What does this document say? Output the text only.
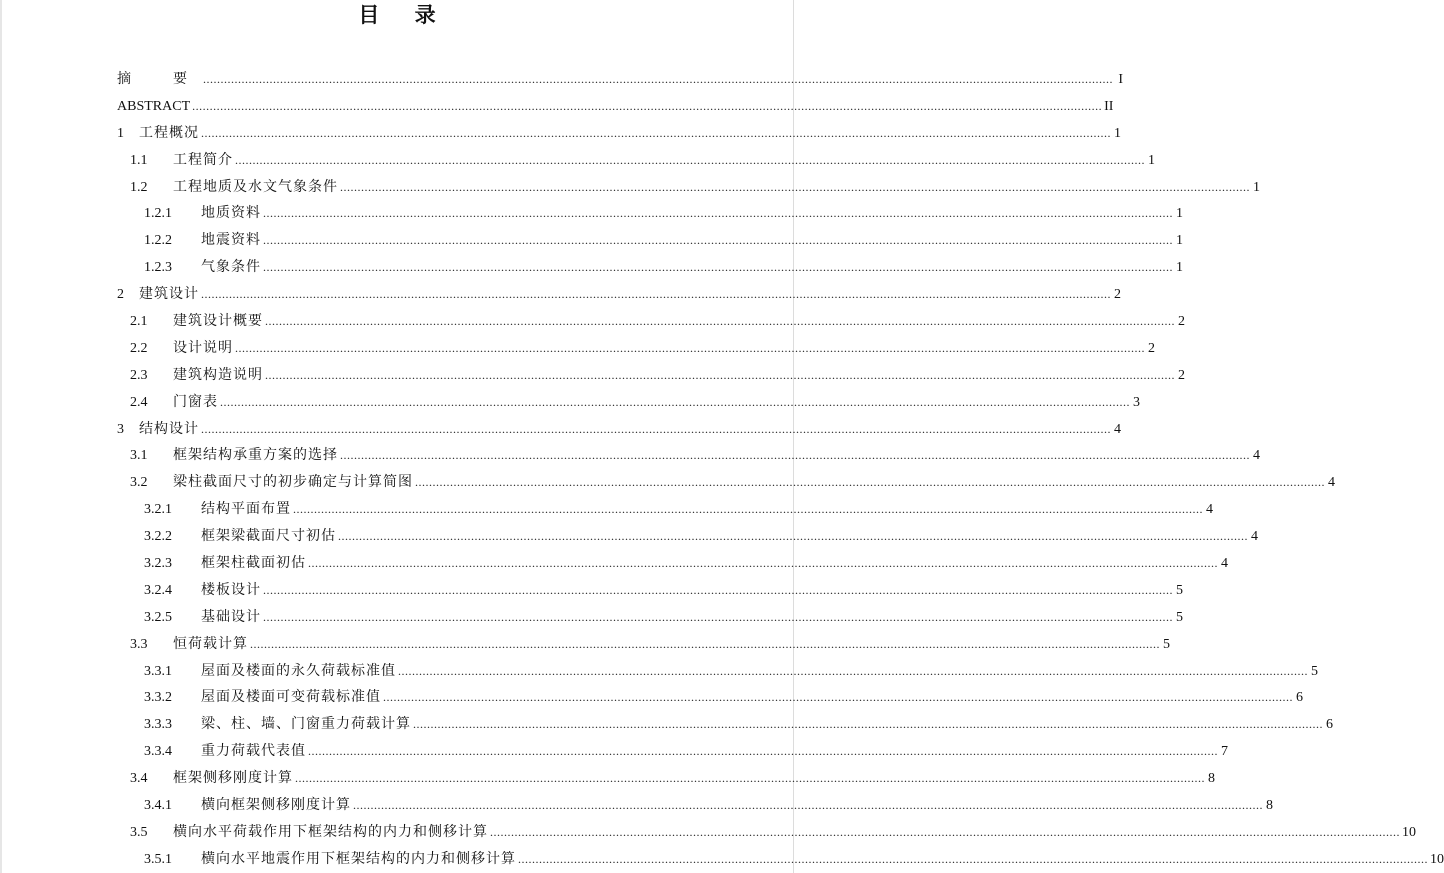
目 录
摘　要 .................................................................................................................................................................................................................................................................... I
ABSTRACT .................................................................................................................................................................................................................................................................... II
1	工程概况 .................................................................................................................................................................................................................................................................... 1
1.1	工程简介 .................................................................................................................................................................................................................................................................... 1
1.2	工程地质及水文气象条件 .................................................................................................................................................................................................................................................................... 1
1.2.1	地质资料 .................................................................................................................................................................................................................................................................... 1
1.2.2	地震资料 .................................................................................................................................................................................................................................................................... 1
1.2.3	气象条件 .................................................................................................................................................................................................................................................................... 1
2	建筑设计 .................................................................................................................................................................................................................................................................... 2
2.1	建筑设计概要 .................................................................................................................................................................................................................................................................... 2
2.2	设计说明 .................................................................................................................................................................................................................................................................... 2
2.3	建筑构造说明 .................................................................................................................................................................................................................................................................... 2
2.4	门窗表 .................................................................................................................................................................................................................................................................... 3
3	结构设计 .................................................................................................................................................................................................................................................................... 4
3.1	框架结构承重方案的选择 .................................................................................................................................................................................................................................................................... 4
3.2	梁柱截面尺寸的初步确定与计算简图 .................................................................................................................................................................................................................................................................... 4
3.2.1	结构平面布置 .................................................................................................................................................................................................................................................................... 4
3.2.2	框架梁截面尺寸初估 .................................................................................................................................................................................................................................................................... 4
3.2.3	框架柱截面初估 .................................................................................................................................................................................................................................................................... 4
3.2.4	楼板设计 .................................................................................................................................................................................................................................................................... 5
3.2.5	基础设计 .................................................................................................................................................................................................................................................................... 5
3.3	恒荷载计算 .................................................................................................................................................................................................................................................................... 5
3.3.1	屋面及楼面的永久荷载标准值 .................................................................................................................................................................................................................................................................... 5
3.3.2	屋面及楼面可变荷载标准值 .................................................................................................................................................................................................................................................................... 6
3.3.3	梁、柱、墙、门窗重力荷载计算 .................................................................................................................................................................................................................................................................... 6
3.3.4	重力荷载代表值 .................................................................................................................................................................................................................................................................... 7
3.4	框架侧移刚度计算 .................................................................................................................................................................................................................................................................... 8
3.4.1	横向框架侧移刚度计算 .................................................................................................................................................................................................................................................................... 8
3.5	横向水平荷载作用下框架结构的内力和侧移计算 .................................................................................................................................................................................................................................................................... 10
3.5.1	横向水平地震作用下框架结构的内力和侧移计算 .................................................................................................................................................................................................................................................................... 10
